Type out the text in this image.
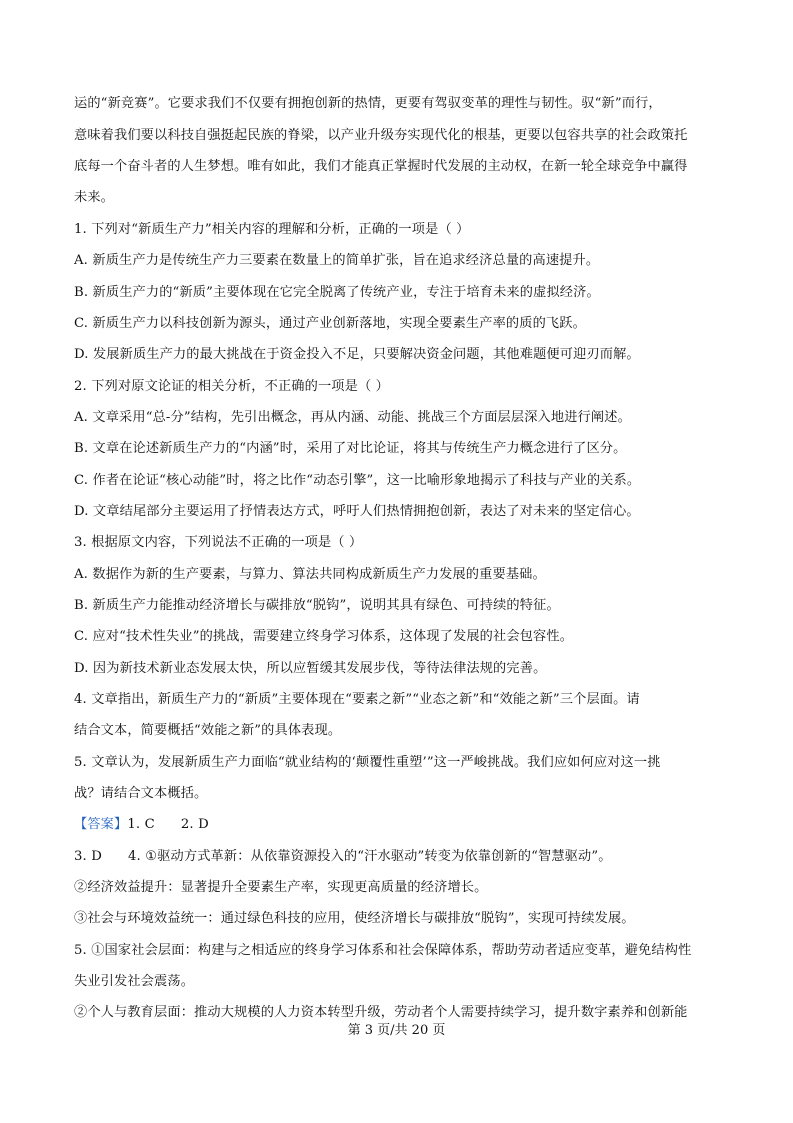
运的“新竞赛”。它要求我们不仅要有拥抱创新的热情，更要有驾驭变革的理性与韧性。驭“新”而行，
意味着我们要以科技自强挺起民族的脊梁，以产业升级夯实现代化的根基，更要以包容共享的社会政策托
底每一个奋斗者的人生梦想。唯有如此，我们才能真正掌握时代发展的主动权，在新一轮全球竞争中赢得
未来。
1. 下列对“新质生产力”相关内容的理解和分析，正确的一项是（ ）
A. 新质生产力是传统生产力三要素在数量上的简单扩张，旨在追求经济总量的高速提升。
B. 新质生产力的“新质”主要体现在它完全脱离了传统产业，专注于培育未来的虚拟经济。
C. 新质生产力以科技创新为源头，通过产业创新落地，实现全要素生产率的质的飞跃。
D. 发展新质生产力的最大挑战在于资金投入不足，只要解决资金问题，其他难题便可迎刃而解。
2. 下列对原文论证的相关分析，不正确的一项是（ ）
A. 文章采用“总-分”结构，先引出概念，再从内涵、动能、挑战三个方面层层深入地进行阐述。
B. 文章在论述新质生产力的“内涵”时，采用了对比论证，将其与传统生产力概念进行了区分。
C. 作者在论证“核心动能”时，将之比作“动态引擎”，这一比喻形象地揭示了科技与产业的关系。
D. 文章结尾部分主要运用了抒情表达方式，呼吁人们热情拥抱创新，表达了对未来的坚定信心。
3. 根据原文内容，下列说法不正确的一项是（ ）
A. 数据作为新的生产要素，与算力、算法共同构成新质生产力发展的重要基础。
B. 新质生产力能推动经济增长与碳排放“脱钩”，说明其具有绿色、可持续的特征。
C. 应对“技术性失业”的挑战，需要建立终身学习体系，这体现了发展的社会包容性。
D. 因为新技术新业态发展太快，所以应暂缓其发展步伐，等待法律法规的完善。
4. 文章指出，新质生产力的“新质”主要体现在“要素之新”“业态之新”和“效能之新”三个层面。请
结合文本，简要概括“效能之新”的具体表现。
5. 文章认为，发展新质生产力面临“就业结构的‘颠覆性重塑’”这一严峻挑战。我们应如何应对这一挑
战？请结合文本概括。
【答案】1. C      2. D
3. D      4. ①驱动方式革新：从依靠资源投入的“汗水驱动”转变为依靠创新的“智慧驱动”。
②经济效益提升：显著提升全要素生产率，实现更高质量的经济增长。
③社会与环境效益统一：通过绿色科技的应用，使经济增长与碳排放“脱钩”，实现可持续发展。
5. ①国家社会层面：构建与之相适应的终身学习体系和社会保障体系，帮助劳动者适应变革，避免结构性
失业引发社会震荡。
②个人与教育层面：推动大规模的人力资本转型升级，劳动者个人需要持续学习，提升数字素养和创新能
第 3 页/共 20 页
